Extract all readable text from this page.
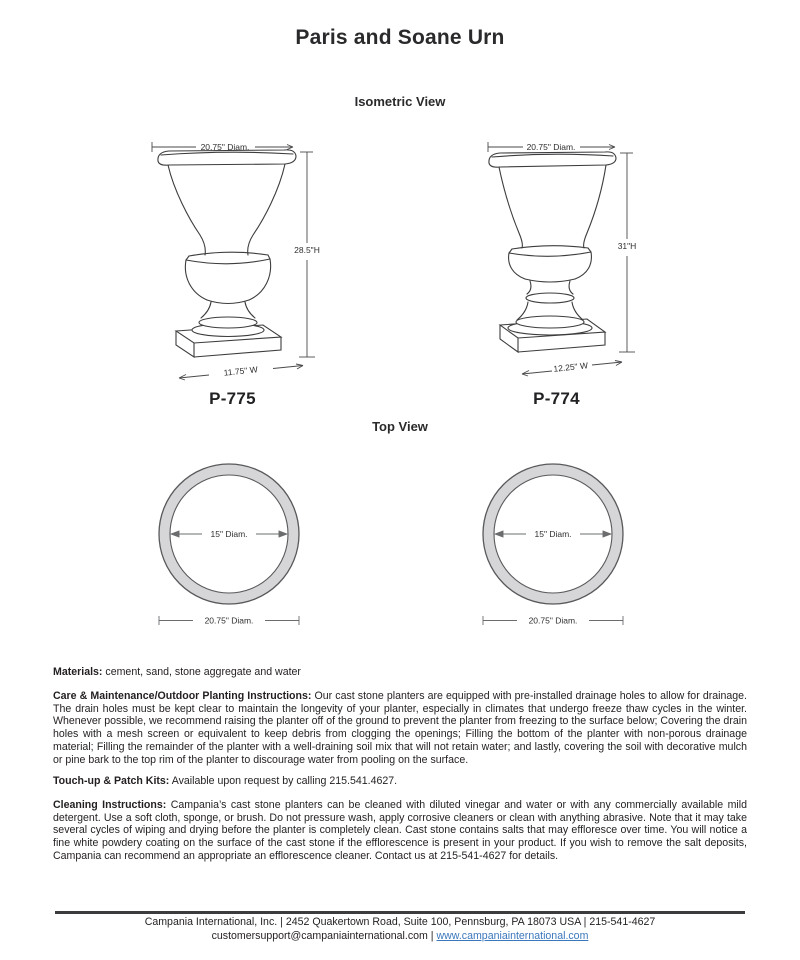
Paris and Soane Urn
Isometric View
20.75" Diam.
28.5"H
11.75" W
P-775
20.75" Diam.
31"H
12.25" W
P-774
Top View
15" Diam.
20.75" Diam.
15" Diam.
20.75" Diam.

Materials: cement, sand, stone aggregate and water

Care & Maintenance/Outdoor Planting Instructions: Our cast stone planters are equipped with pre-installed drainage holes to allow for drainage. The drain holes must be kept clear to maintain the longevity of your planter, especially in climates that undergo freeze thaw cycles in the winter. Whenever possible, we recommend raising the planter off of the ground to prevent the planter from freezing to the surface below; Covering the drain holes with a mesh screen or equivalent to keep debris from clogging the openings; Filling the bottom of the planter with non-porous drainage material; Filling the remainder of the planter with a well-draining soil mix that will not retain water; and lastly, covering the soil with decorative mulch or pine bark to the top rim of the planter to discourage water from pooling on the surface.

Touch-up & Patch Kits: Available upon request by calling 215.541.4627.

Cleaning Instructions: Campania’s cast stone planters can be cleaned with diluted vinegar and water or with any commercially available mild detergent. Use a soft cloth, sponge, or brush. Do not pressure wash, apply corrosive cleaners or clean with anything abrasive. Note that it may take several cycles of wiping and drying before the planter is completely clean. Cast stone contains salts that may effloresce over time. You will notice a fine white powdery coating on the surface of the cast stone if the efflorescence is present in your product. If you wish to remove the salt deposits, Campania can recommend an appropriate an efflorescence cleaner. Contact us at 215-541-4627 for details.

Campania International, Inc. | 2452 Quakertown Road, Suite 100, Pennsburg, PA 18073 USA | 215-541-4627
customersupport@campaniainternational.com | www.campaniainternational.com
